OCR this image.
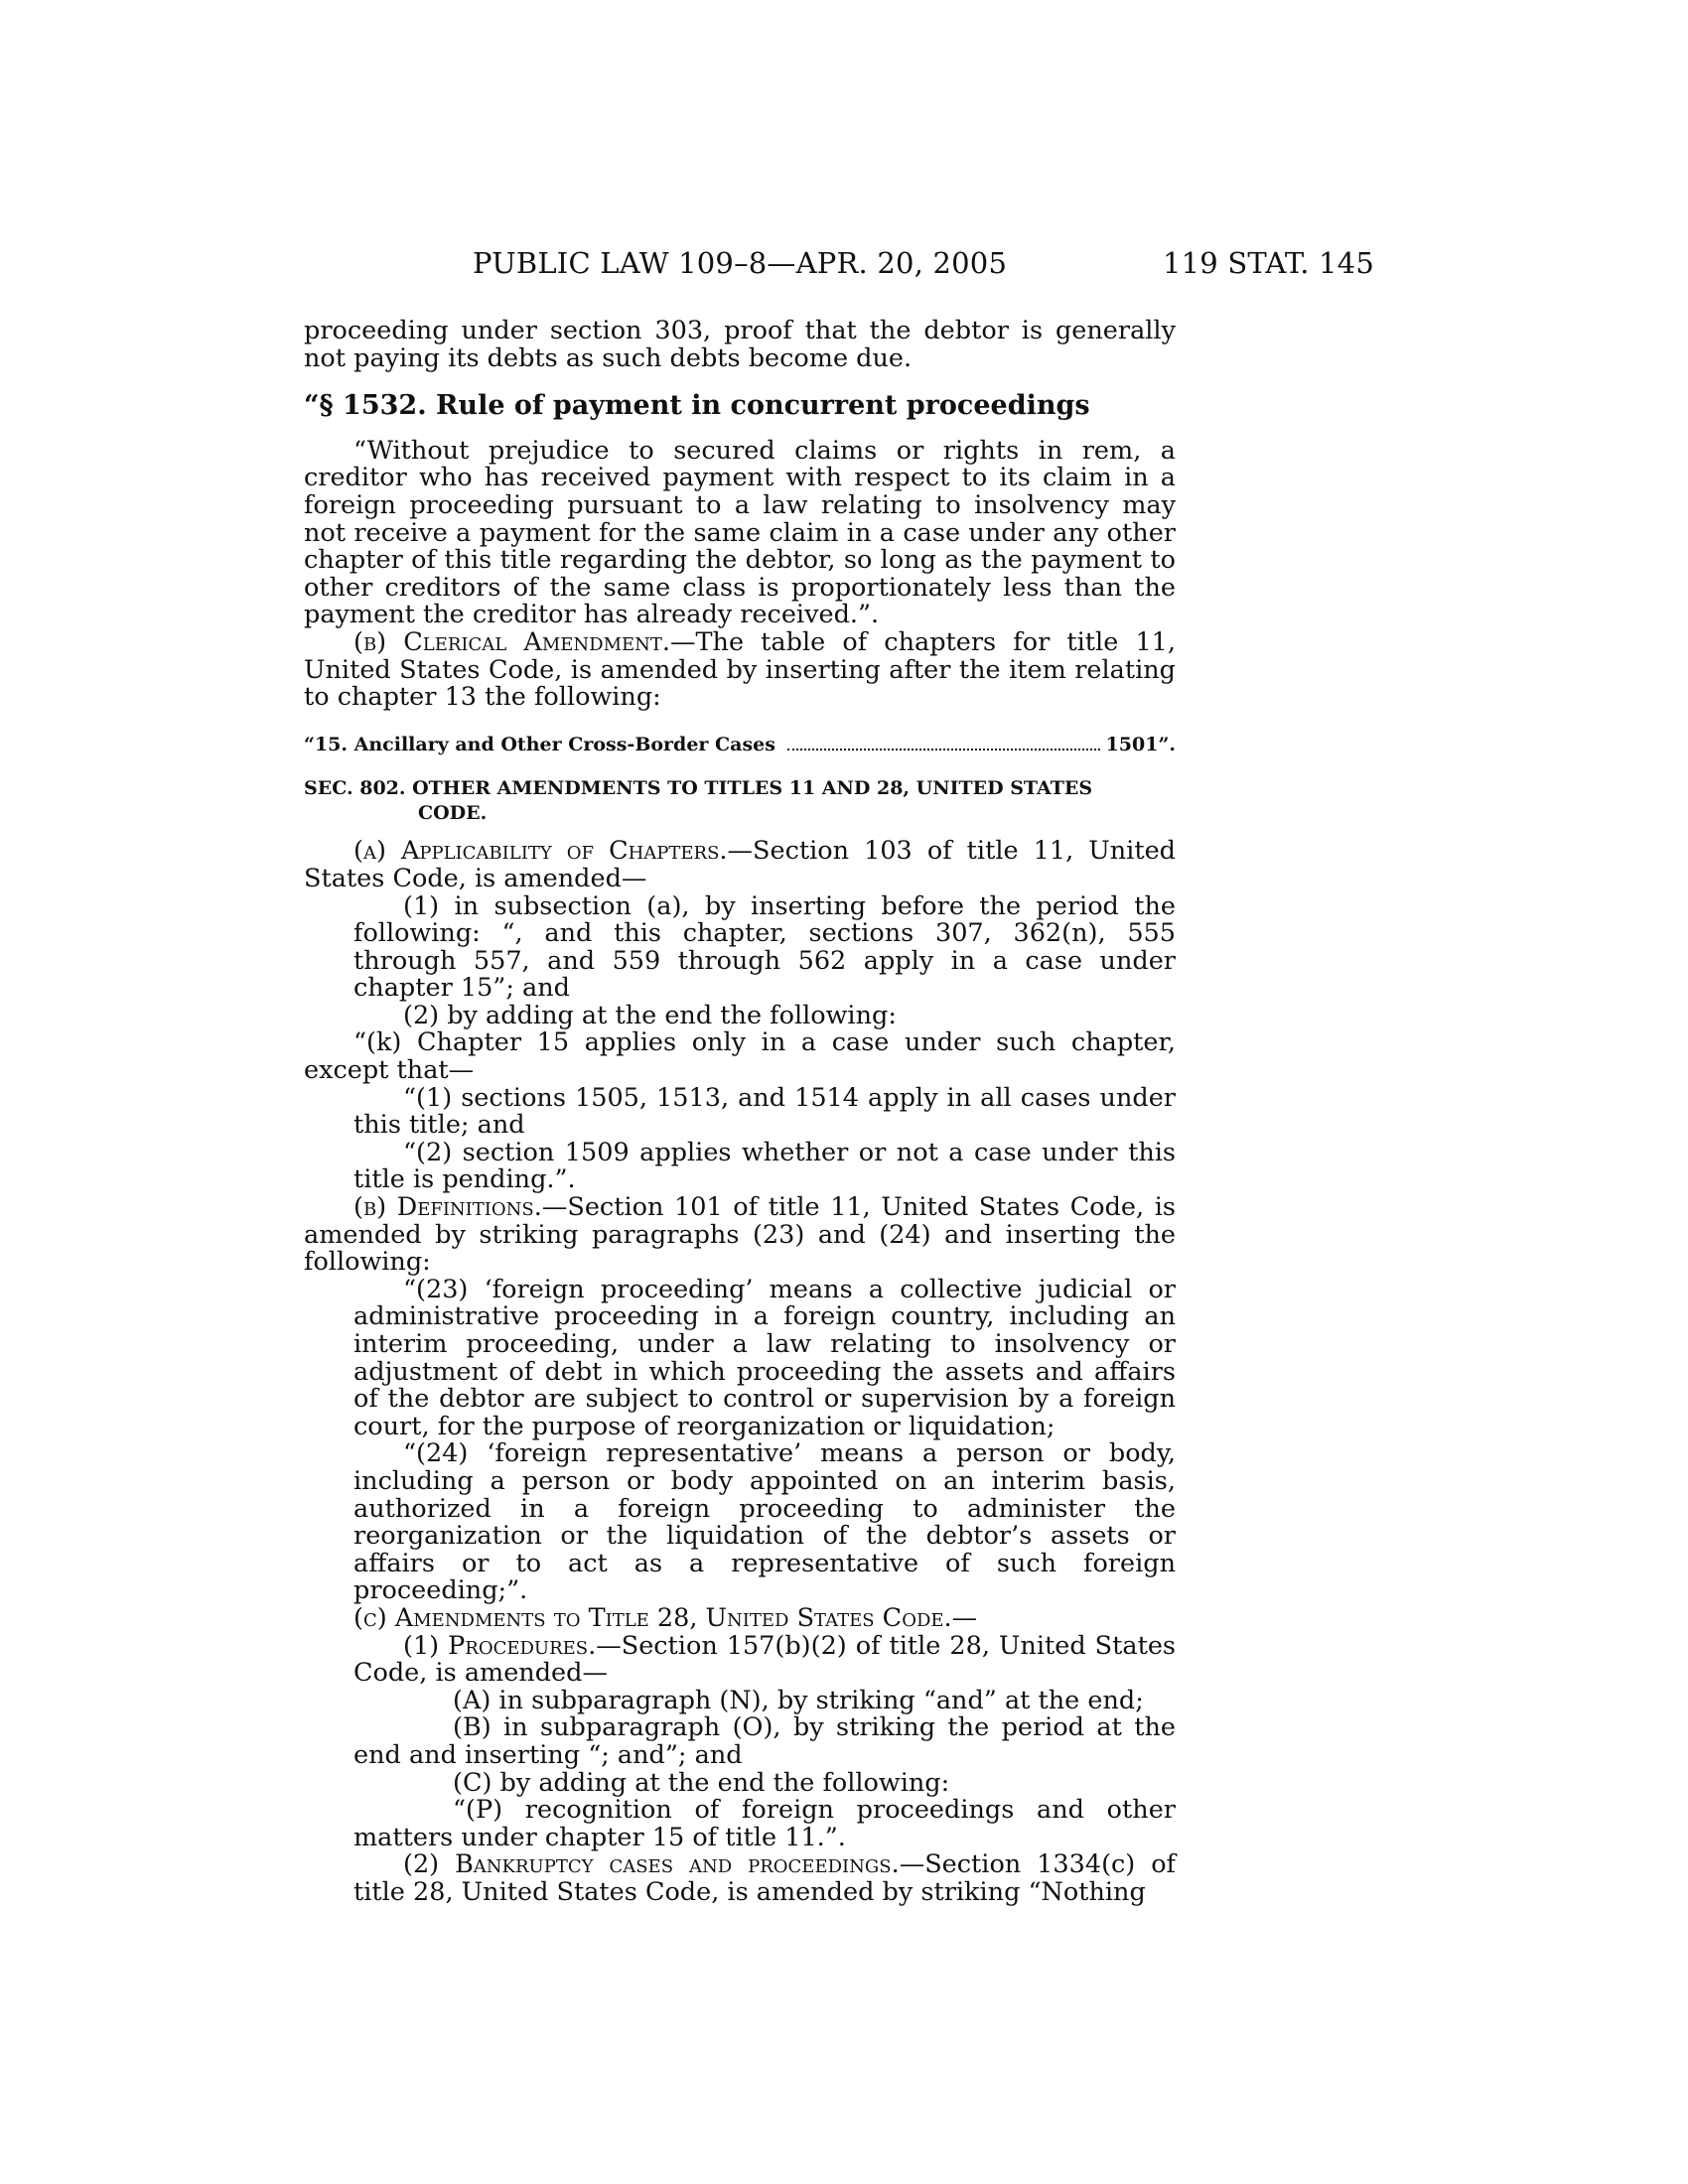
PUBLIC LAW 109–8—APR. 20, 2005	119 STAT. 145

proceeding under section 303, proof that the debtor is generally not paying its debts as such debts become due.

“§ 1532. Rule of payment in concurrent proceedings

“Without prejudice to secured claims or rights in rem, a creditor who has received payment with respect to its claim in a foreign proceeding pursuant to a law relating to insolvency may not receive a payment for the same claim in a case under any other chapter of this title regarding the debtor, so long as the payment to other creditors of the same class is proportionately less than the payment the creditor has already received.”.

(b) Clerical Amendment.—The table of chapters for title 11, United States Code, is amended by inserting after the item relating to chapter 13 the following:

“15. Ancillary and Other Cross-Border Cases	1501”.
SEC. 802. OTHER AMENDMENTS TO TITLES 11 AND 28, UNITED STATES
CODE.

(a) Applicability of Chapters.—Section 103 of title 11, United States Code, is amended—

(1) in subsection (a), by inserting before the period the following: “, and this chapter, sections 307, 362(n), 555 through 557, and 559 through 562 apply in a case under chapter 15”; and

(2) by adding at the end the following:

“(k) Chapter 15 applies only in a case under such chapter, except that—

“(1) sections 1505, 1513, and 1514 apply in all cases under this title; and

“(2) section 1509 applies whether or not a case under this title is pending.”.

(b) Definitions.—Section 101 of title 11, United States Code, is amended by striking paragraphs (23) and (24) and inserting the following:

“(23) ‘foreign proceeding’ means a collective judicial or administrative proceeding in a foreign country, including an interim proceeding, under a law relating to insolvency or adjustment of debt in which proceeding the assets and affairs of the debtor are subject to control or supervision by a foreign court, for the purpose of reorganization or liquidation;

“(24) ‘foreign representative’ means a person or body, including a person or body appointed on an interim basis, authorized in a foreign proceeding to administer the reorganization or the liquidation of the debtor’s assets or affairs or to act as a representative of such foreign proceeding;”.

(c) Amendments to Title 28, United States Code.—

(1) Procedures.—Section 157(b)(2) of title 28, United States Code, is amended—

(A) in subparagraph (N), by striking “and” at the end;

(B) in subparagraph (O), by striking the period at the end and inserting “; and”; and

(C) by adding at the end the following:

“(P) recognition of foreign proceedings and other matters under chapter 15 of title 11.”.

(2) Bankruptcy cases and proceedings.—Section 1334(c) of title 28, United States Code, is amended by striking “Nothing
